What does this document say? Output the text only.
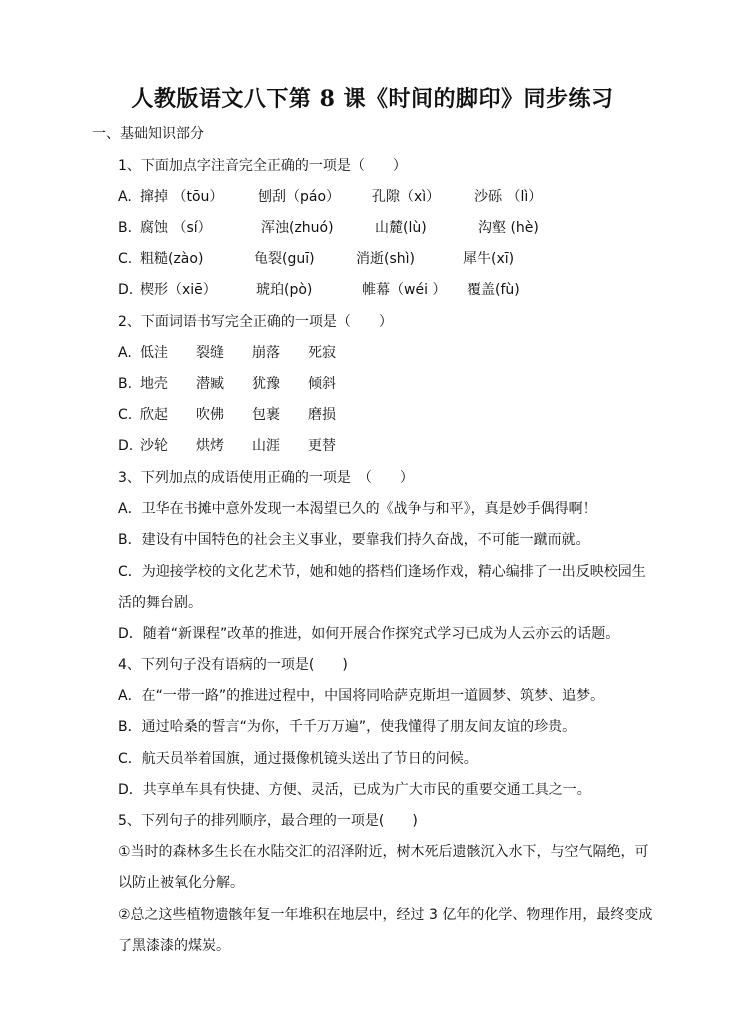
人教版语文八下第 8 课《时间的脚印》同步练习
一、基础知识部分
1、下面加点字注音完全正确的一项是（　　）
A. 撺掉 （tōu） 刨刮（páo） 孔隙（xì） 沙砾 （lì）
B. 腐蚀 （sí）	浑浊(zhuó)	山麓(lù)	沟壑 (hè)
C. 粗糙(zào)	龟裂(guī)	消逝(shì)	犀牛(xī)
D. 楔形（xiē）	琥珀(pò)	帷幕（wéi ） 覆盖(fù)
2、下面词语书写完全正确的一项是（　　）
A. 低洼 裂缝 崩落 死寂
B. 地壳 潜臧 犹豫 倾斜
C. 欣起 吹佛 包裹 磨损
D. 沙轮 烘烤 山涯 更替
3、下列加点的成语使用正确的一项是　（　　）
A．卫华在书摊中意外发现一本渴望已久的《战争与和平》，真是妙手偶得啊！
B．建设有中国特色的社会主义事业，要靠我们持久奋战，不可能一蹴而就。
C．为迎接学校的文化艺术节，她和她的搭档们逢场作戏，精心编排了一出反映校园生
活的舞台剧。
D．随着“新课程”改革的推进，如何开展合作探究式学习已成为人云亦云的话题。
4、下列句子没有语病的一项是(　　)
A．在“一带一路”的推进过程中，中国将同哈萨克斯坦一道圆梦、筑梦、追梦。
B．通过哈桑的誓言“为你，千千万万遍”，使我懂得了朋友间友谊的珍贵。
C．航天员举着国旗，通过摄像机镜头送出了节日的问候。
D．共享单车具有快捷、方便、灵活，已成为广大市民的重要交通工具之一。
5、下列句子的排列顺序，最合理的一项是(　　)
①当时的森林多生长在水陆交汇的沼泽附近，树木死后遗骸沉入水下，与空气隔绝，可
以防止被氧化分解。
②总之这些植物遗骸年复一年堆积在地层中，经过 3 亿年的化学、物理作用，最终变成
了黑漆漆的煤炭。
